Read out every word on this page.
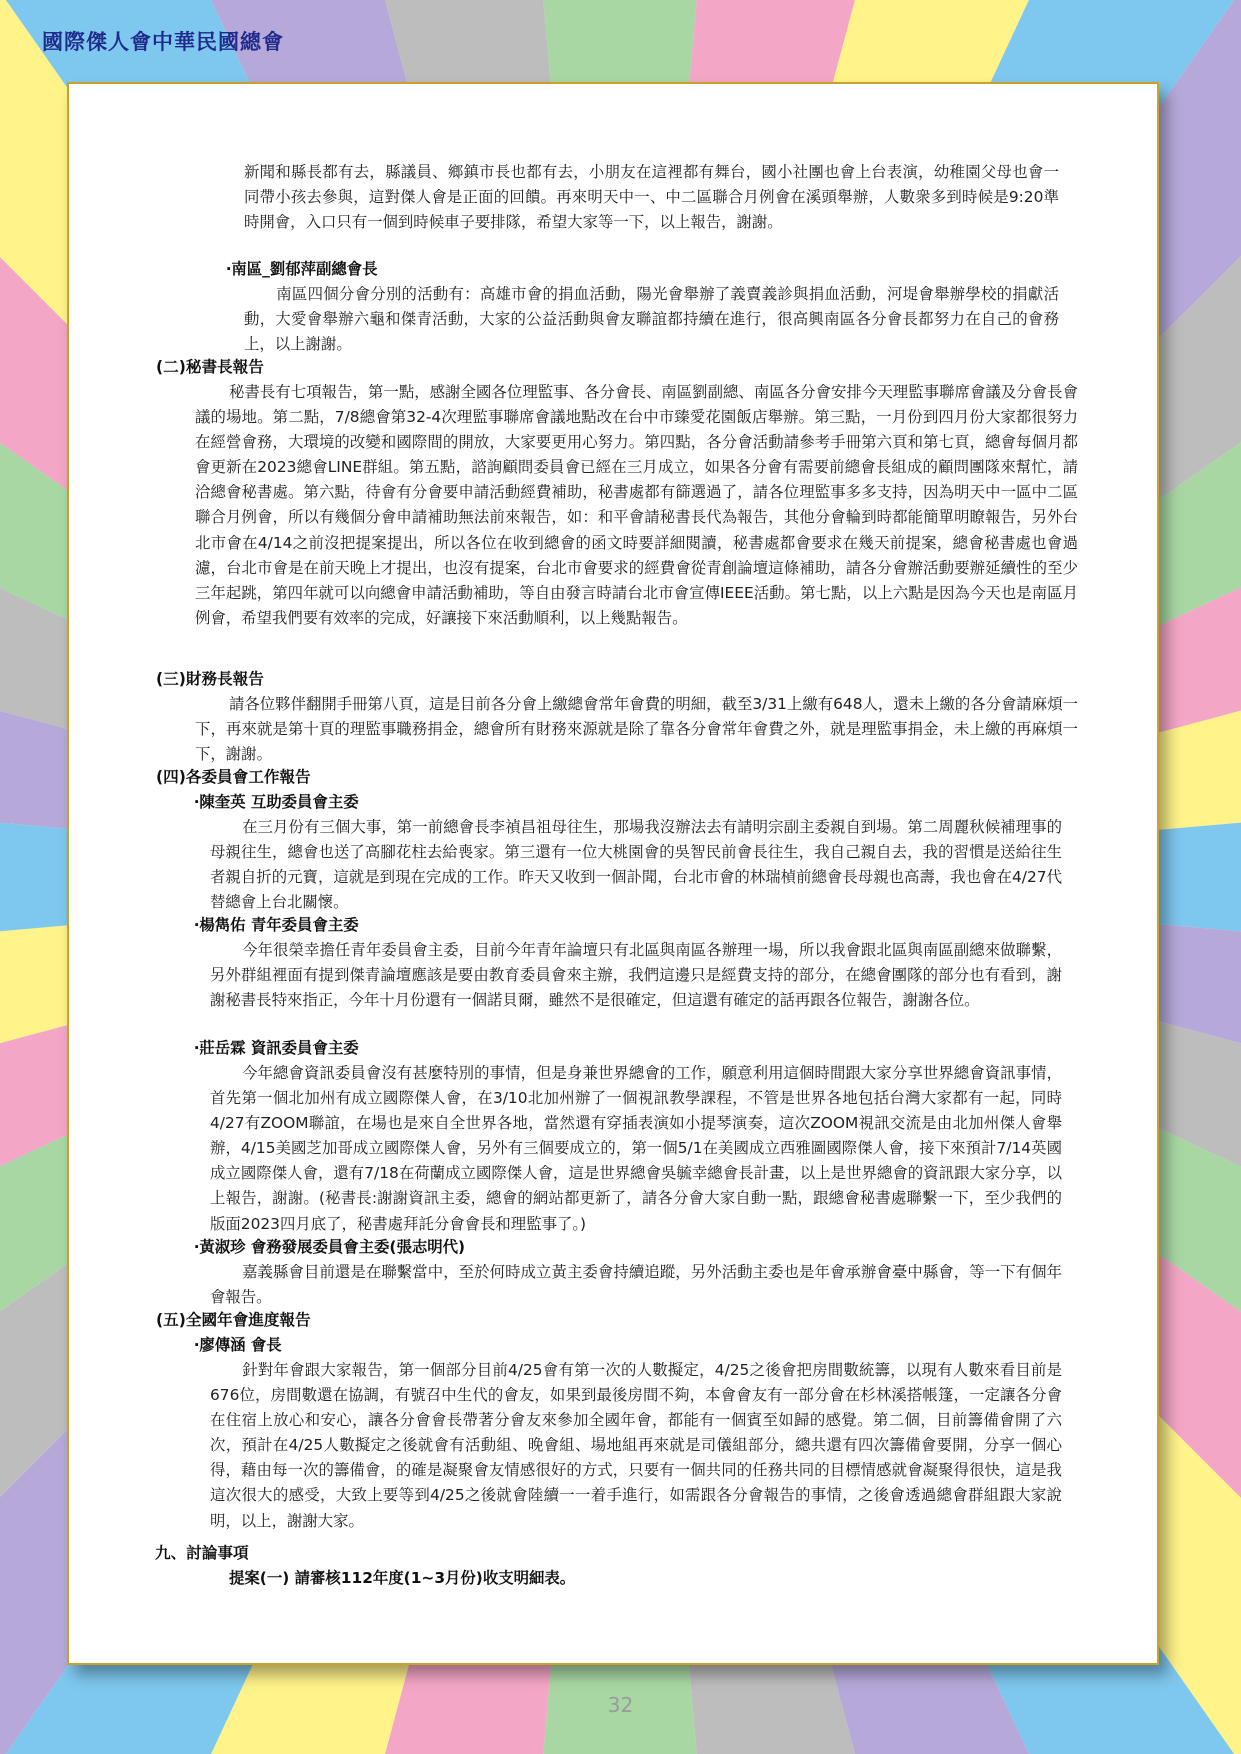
國際傑人會中華民國總會

新聞和縣長都有去，縣議員、鄉鎮市長也都有去，小朋友在這裡都有舞台，國小社團也會上台表演，幼稚園父母也會一同帶小孩去參與，這對傑人會是正面的回饋。再來明天中一、中二區聯合月例會在溪頭舉辦，人數衆多到時候是9:20準時開會，入口只有一個到時候車子要排隊，希望大家等一下，以上報告，謝謝。

‧南區_劉郁萍副總會長

南區四個分會分別的活動有：高雄市會的捐血活動，陽光會舉辦了義賣義診與捐血活動，河堤會舉辦學校的捐獻活動，大愛會舉辦六龜和傑青活動，大家的公益活動與會友聯誼都持續在進行，很高興南區各分會長都努力在自己的會務上，以上謝謝。

(二)秘書長報告

秘書長有七項報告，第一點，感謝全國各位理監事、各分會長、南區劉副總、南區各分會安排今天理監事聯席會議及分會長會議的場地。第二點，7/8總會第32-4次理監事聯席會議地點改在台中市臻愛花園飯店舉辦。第三點，一月份到四月份大家都很努力在經營會務，大環境的改變和國際間的開放，大家要更用心努力。第四點，各分會活動請參考手冊第六頁和第七頁，總會每個月都會更新在2023總會LINE群組。第五點，諮詢顧問委員會已經在三月成立，如果各分會有需要前總會長組成的顧問團隊來幫忙，請洽總會秘書處。第六點，待會有分會要申請活動經費補助，秘書處都有篩選過了，請各位理監事多多支持，因為明天中一區中二區聯合月例會，所以有幾個分會申請補助無法前來報告，如：和平會請秘書長代為報告，其他分會輪到時都能簡單明瞭報告，另外台北市會在4/14之前沒把提案提出，所以各位在收到總會的函文時要詳細閱讀，秘書處都會要求在幾天前提案，總會秘書處也會過濾，台北市會是在前天晚上才提出，也沒有提案，台北市會要求的經費會從青創論壇這條補助，請各分會辦活動要辦延續性的至少三年起跳，第四年就可以向總會申請活動補助，等自由發言時請台北市會宣傳IEEE活動。第七點，以上六點是因為今天也是南區月例會，希望我們要有效率的完成，好讓接下來活動順利，以上幾點報告。

(三)財務長報告

請各位夥伴翻開手冊第八頁，這是目前各分會上繳總會常年會費的明細，截至3/31上繳有648人，還未上繳的各分會請麻煩一下，再來就是第十頁的理監事職務捐金，總會所有財務來源就是除了靠各分會常年會費之外，就是理監事捐金，未上繳的再麻煩一下，謝謝。

(四)各委員會工作報告

‧陳奎英 互助委員會主委

在三月份有三個大事，第一前總會長李禎昌祖母往生，那場我沒辦法去有請明宗副主委親自到場。第二周麗秋候補理事的母親往生，總會也送了高腳花柱去給喪家。第三還有一位大桃園會的吳智民前會長往生，我自己親自去，我的習慣是送給往生者親自折的元寶，這就是到現在完成的工作。昨天又收到一個訃聞，台北市會的林瑞楨前總會長母親也高壽，我也會在4/27代替總會上台北關懷。

‧楊雋佑 青年委員會主委

今年很榮幸擔任青年委員會主委，目前今年青年論壇只有北區與南區各辦理一場，所以我會跟北區與南區副總來做聯繫，另外群組裡面有提到傑青論壇應該是要由教育委員會來主辦，我們這邊只是經費支持的部分，在總會團隊的部分也有看到，謝謝秘書長特來指正，今年十月份還有一個諾貝爾，雖然不是很確定，但這還有確定的話再跟各位報告，謝謝各位。

‧莊岳霖 資訊委員會主委

今年總會資訊委員會沒有甚麼特別的事情，但是身兼世界總會的工作，願意利用這個時間跟大家分享世界總會資訊事情，首先第一個北加州有成立國際傑人會，在3/10北加州辦了一個視訊教學課程，不管是世界各地包括台灣大家都有一起，同時4/27有ZOOM聯誼，在場也是來自全世界各地，當然還有穿插表演如小提琴演奏，這次ZOOM視訊交流是由北加州傑人會舉辦，4/15美國芝加哥成立國際傑人會，另外有三個要成立的，第一個5/1在美國成立西雅圖國際傑人會，接下來預計7/14英國成立國際傑人會，還有7/18在荷蘭成立國際傑人會，這是世界總會吳毓幸總會長計畫，以上是世界總會的資訊跟大家分享，以上報告，謝謝。(秘書長:謝謝資訊主委，總會的網站都更新了，請各分會大家自動一點，跟總會秘書處聯繫一下，至少我們的版面2023四月底了，秘書處拜託分會會長和理監事了。)

‧黃淑珍 會務發展委員會主委(張志明代)

嘉義縣會目前還是在聯繫當中，至於何時成立黃主委會持續追蹤，另外活動主委也是年會承辦會臺中縣會，等一下有個年會報告。

(五)全國年會進度報告

‧廖傳涵 會長

針對年會跟大家報告，第一個部分目前4/25會有第一次的人數擬定，4/25之後會把房間數統籌，以現有人數來看目前是676位，房間數還在協調，有號召中生代的會友，如果到最後房間不夠，本會會友有一部分會在杉林溪搭帳篷，一定讓各分會在住宿上放心和安心，讓各分會會長帶著分會友來參加全國年會，都能有一個賓至如歸的感覺。第二個，目前籌備會開了六次，預計在4/25人數擬定之後就會有活動組、晚會組、場地組再來就是司儀組部分，總共還有四次籌備會要開，分享一個心得，藉由每一次的籌備會，的確是凝聚會友情感很好的方式，只要有一個共同的任務共同的目標情感就會凝聚得很快，這是我這次很大的感受，大致上要等到4/25之後就會陸續一一着手進行，如需跟各分會報告的事情，之後會透過總會群組跟大家說明，以上，謝謝大家。

九、討論事項

提案(一) 請審核112年度(1~3月份)收支明細表。

32
